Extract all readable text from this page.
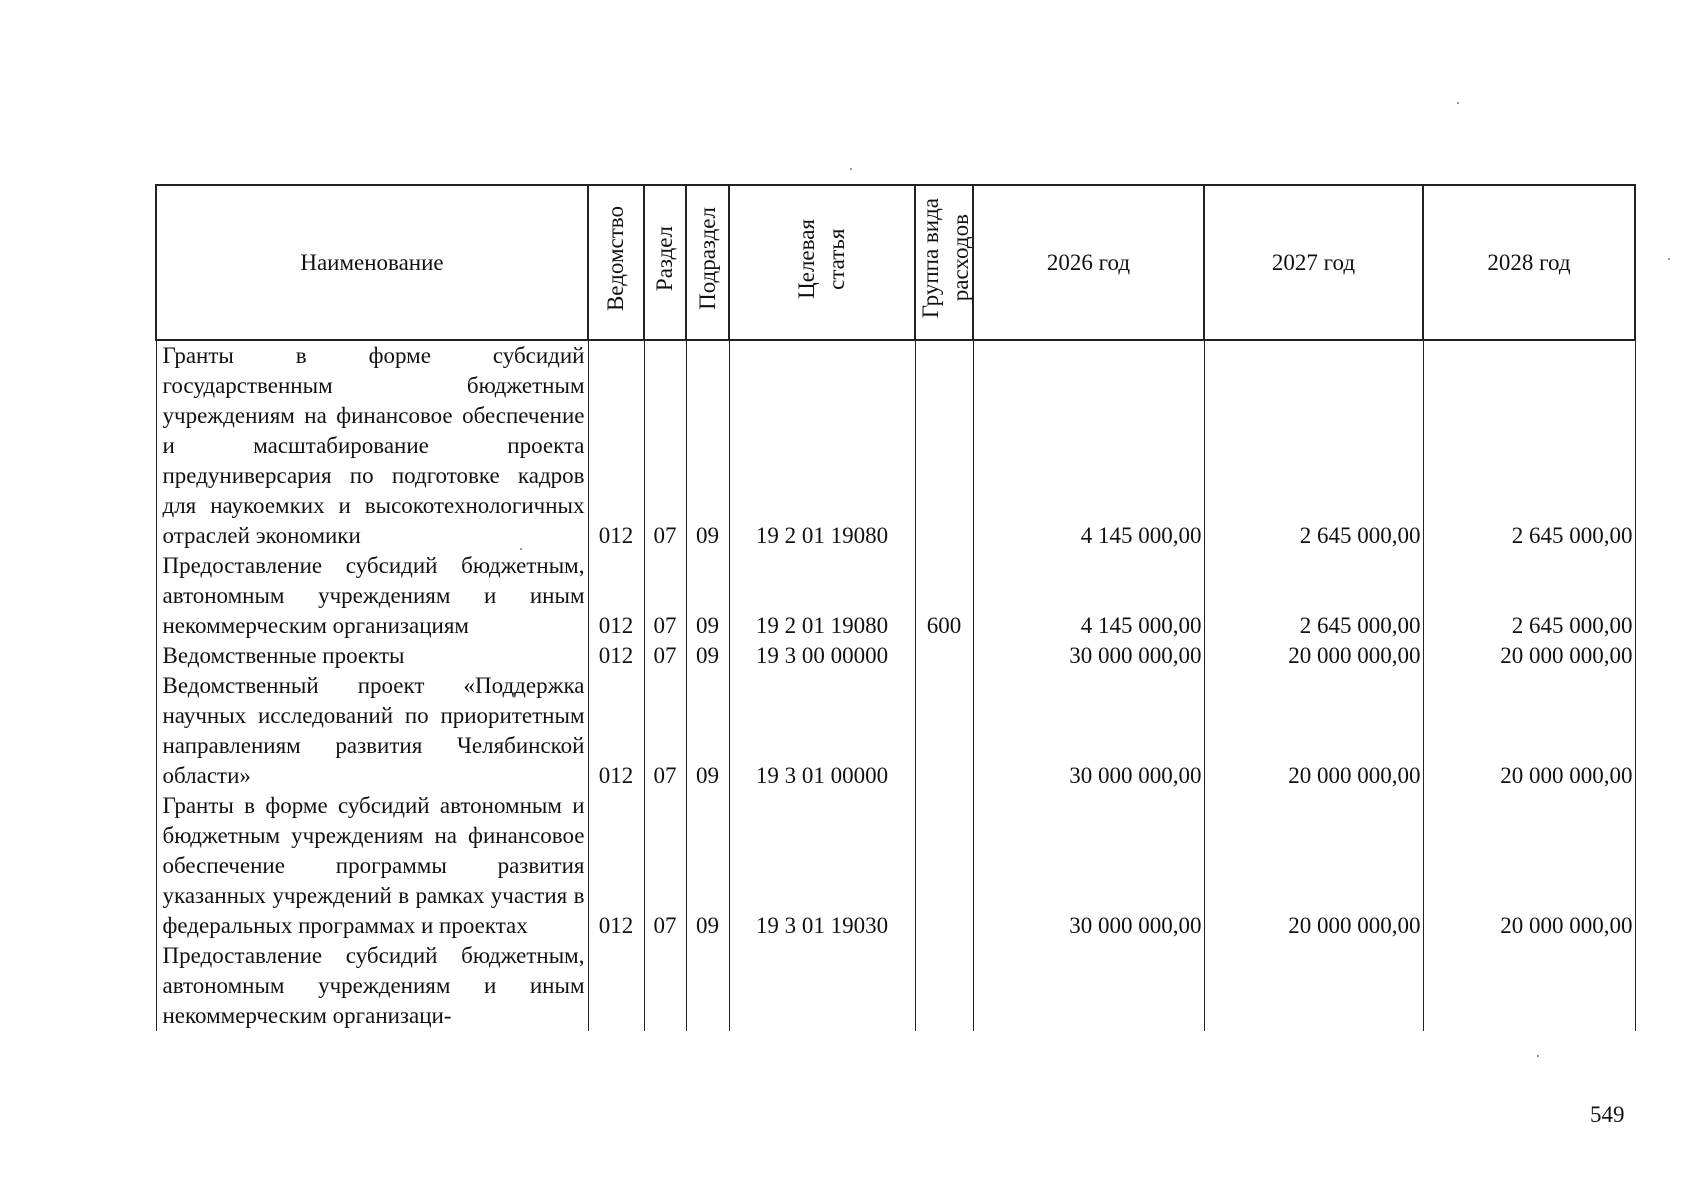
Наименование	Ведомство	Раздел	Подраздел	Целевая статья	Группа вида расходов	2026 год	2027 год	2028 год
Гранты в форме субсидий государственным бюджетным учреждениям на финансовое обеспечение и масштабирование проекта предуниверсария по подготовке кадров для наукоемких и высокотехнологичных отраслей экономики	012	07	09	19 2 01 19080		4 145 000,00	2 645 000,00	2 645 000,00
Предоставление субсидий бюджетным, автономным учреждениям и иным некоммерческим организациям	012	07	09	19 2 01 19080	600	4 145 000,00	2 645 000,00	2 645 000,00
Ведомственные проекты	012	07	09	19 3 00 00000		30 000 000,00	20 000 000,00	20 000 000,00
Ведомственный проект «Поддержка научных исследований по приоритетным направлениям развития Челябинской области»	012	07	09	19 3 01 00000		30 000 000,00	20 000 000,00	20 000 000,00
Гранты в форме субсидий автономным и бюджетным учреждениям на финансовое обеспечение программы развития указанных учреждений в рамках участия в федеральных программах и проектах	012	07	09	19 3 01 19030		30 000 000,00	20 000 000,00	20 000 000,00
Предоставление субсидий бюджетным, автономным учреждениям и иным некоммерческим организаци-								
549
